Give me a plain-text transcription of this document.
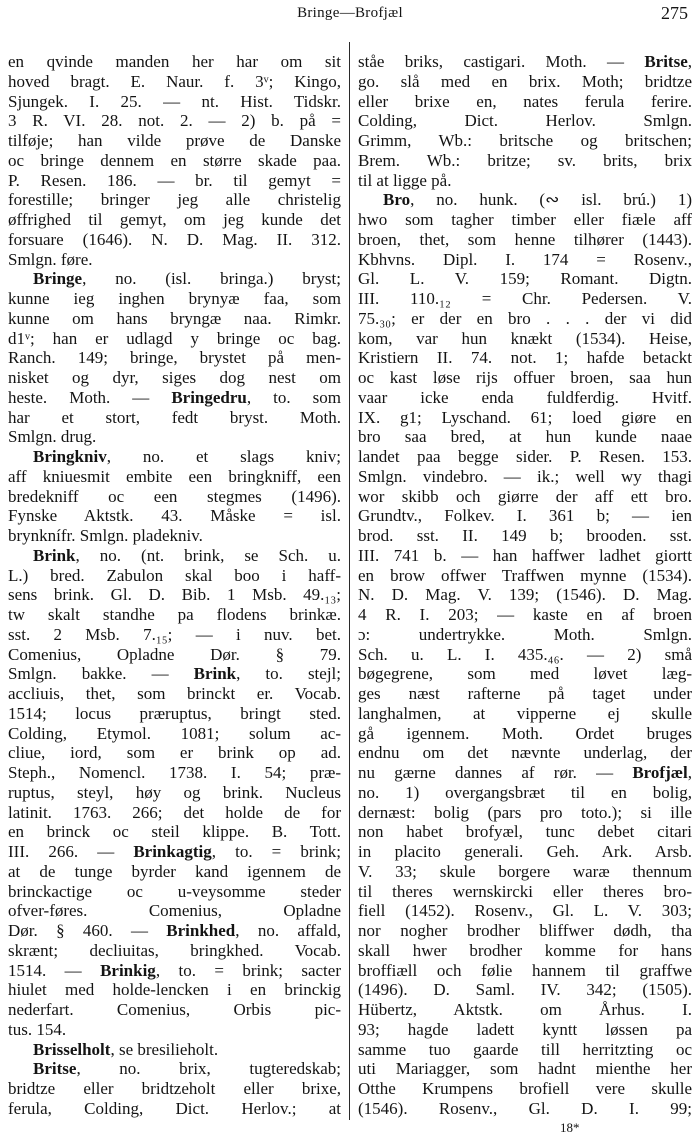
Bringe—Brofjæl	275
en qvinde manden her har om sit
hoved bragt. E. Naur. f. 3ᵛ; Kingo,
Sjungek. I. 25. — nt. Hist. Tidskr.
3 R. VI. 28. not. 2. — 2) b. på =
tilføje; han vilde prøve de Danske
oc bringe dennem en større skade paa.
P. Resen. 186. — br. til gemyt =
forestille; bringer jeg alle christelig
øffrighed til gemyt, om jeg kunde det
forsuare (1646). N. D. Mag. II. 312.
Smlgn. føre.
Bringe, no. (isl. bringa.) bryst;
kunne ieg inghen brynyæ faa, som
kunne om hans bryngæ naa. Rimkr.
d1ᵛ; han er udlagd y bringe oc bag.
Ranch. 149; bringe, brystet på men-
nisket og dyr, siges dog nest om
heste. Moth. — Bringedru, to. som
har et stort, fedt bryst. Moth.
Smlgn. drug.
Bringkniv, no. et slags kniv;
aff kniuesmit embite een bringkniff, een
bredekniff oc een stegmes (1496).
Fynske Aktstk. 43. Måske = isl.
brynknífr. Smlgn. pladekniv.
Brink, no. (nt. brink, se Sch. u.
L.) bred. Zabulon skal boo i haff-
sens brink. Gl. D. Bib. 1 Msb. 49.₁₃;
tw skalt standhe pa flodens brinkæ.
sst. 2 Msb. 7.₁₅; — i nuv. bet.
Comenius, Opladne Dør. § 79.
Smlgn. bakke. — Brink, to. stejl;
accliuis, thet, som brinckt er. Vocab.
1514; locus præruptus, bringt sted.
Colding, Etymol. 1081; solum ac-
cliue, iord, som er brink op ad.
Steph., Nomencl. 1738. I. 54; præ-
ruptus, steyl, høy og brink. Nucleus
latinit. 1763. 266; det holde de for
en brinck oc steil klippe. B. Tott.
III. 266. — Brinkagtig, to. = brink;
at de tunge byrder kand igennem de
brinckactige oc u-veysomme steder
ofver-føres. Comenius, Opladne
Dør. § 460. — Brinkhed, no. affald,
skrænt; decliuitas, bringkhed. Vocab.
1514. — Brinkig, to. = brink; sacter
hiulet med holde-lencken i en brinckig
nederfart. Comenius, Orbis pic-
tus. 154.
Brisselholt, se bresilieholt.
Britse, no. brix, tugteredskab;
bridtze eller bridtzeholt eller brixe,
ferula, Colding, Dict. Herlov.; at
ståe briks, castigari. Moth. — Britse,
go. slå med en brix. Moth; bridtze
eller brixe en, nates ferula ferire.
Colding, Dict. Herlov. Smlgn.
Grimm, Wb.: britsche og britschen;
Brem. Wb.: britze; sv. brits, brix
til at ligge på.
Bro, no. hunk. (∾ isl. brú.) 1)
hwo som tagher timber eller fiæle aff
broen, thet, som henne tilhører (1443).
Kbhvns. Dipl. I. 174 = Rosenv.,
Gl. L. V. 159; Romant. Digtn.
III. 110.₁₂ = Chr. Pedersen. V.
75.₃₀; er der en bro . . . der vi did
kom, var hun knækt (1534). Heise,
Kristiern II. 74. not. 1; hafde betackt
oc kast løse rijs offuer broen, saa hun
vaar icke enda fuldferdig. Hvitf.
IX. g1; Lyschand. 61; loed giøre en
bro saa bred, at hun kunde naae
landet paa begge sider. P. Resen. 153.
Smlgn. vindebro. — ik.; well wy thagi
wor skibb och giørre der aff ett bro.
Grundtv., Folkev. I. 361 b; — ien
brod. sst. II. 149 b; brooden. sst.
III. 741 b. — han haffwer ladhet giortt
en brow offwer Traffwen mynne (1534).
N. D. Mag. V. 139; (1546). D. Mag.
4 R. I. 203; — kaste en af broen
ɔ: undertrykke. Moth. Smlgn.
Sch. u. L. I. 435.₄₆. — 2) små
bøgegrene, som med løvet læg-
ges næst rafterne på taget under
langhalmen, at vipperne ej skulle
gå igennem. Moth. Ordet bruges
endnu om det nævnte underlag, der
nu gærne dannes af rør. — Brofjæl,
no. 1) overgangsbræt til en bolig,
dernæst: bolig (pars pro toto.); si ille
non habet brofyæl, tunc debet citari
in placito generali. Geh. Ark. Arsb.
V. 33; skule borgere waræ thennum
til theres wernskircki eller theres bro-
fiell (1452). Rosenv., Gl. L. V. 303;
nor nogher brodher bliffwer dødh, tha
skall hwer brodher komme for hans
broffiæll och følie hannem til graffwe
(1496). D. Saml. IV. 342; (1505).
Hübertz, Aktstk. om Århus. I.
93; hagde ladett kyntt løssen pa
samme tuo gaarde till herritzting oc
uti Mariagger, som hadnt mienthe her
Otthe Krumpens brofiell vere skulle
(1546). Rosenv., Gl. D. I. 99;
18*
